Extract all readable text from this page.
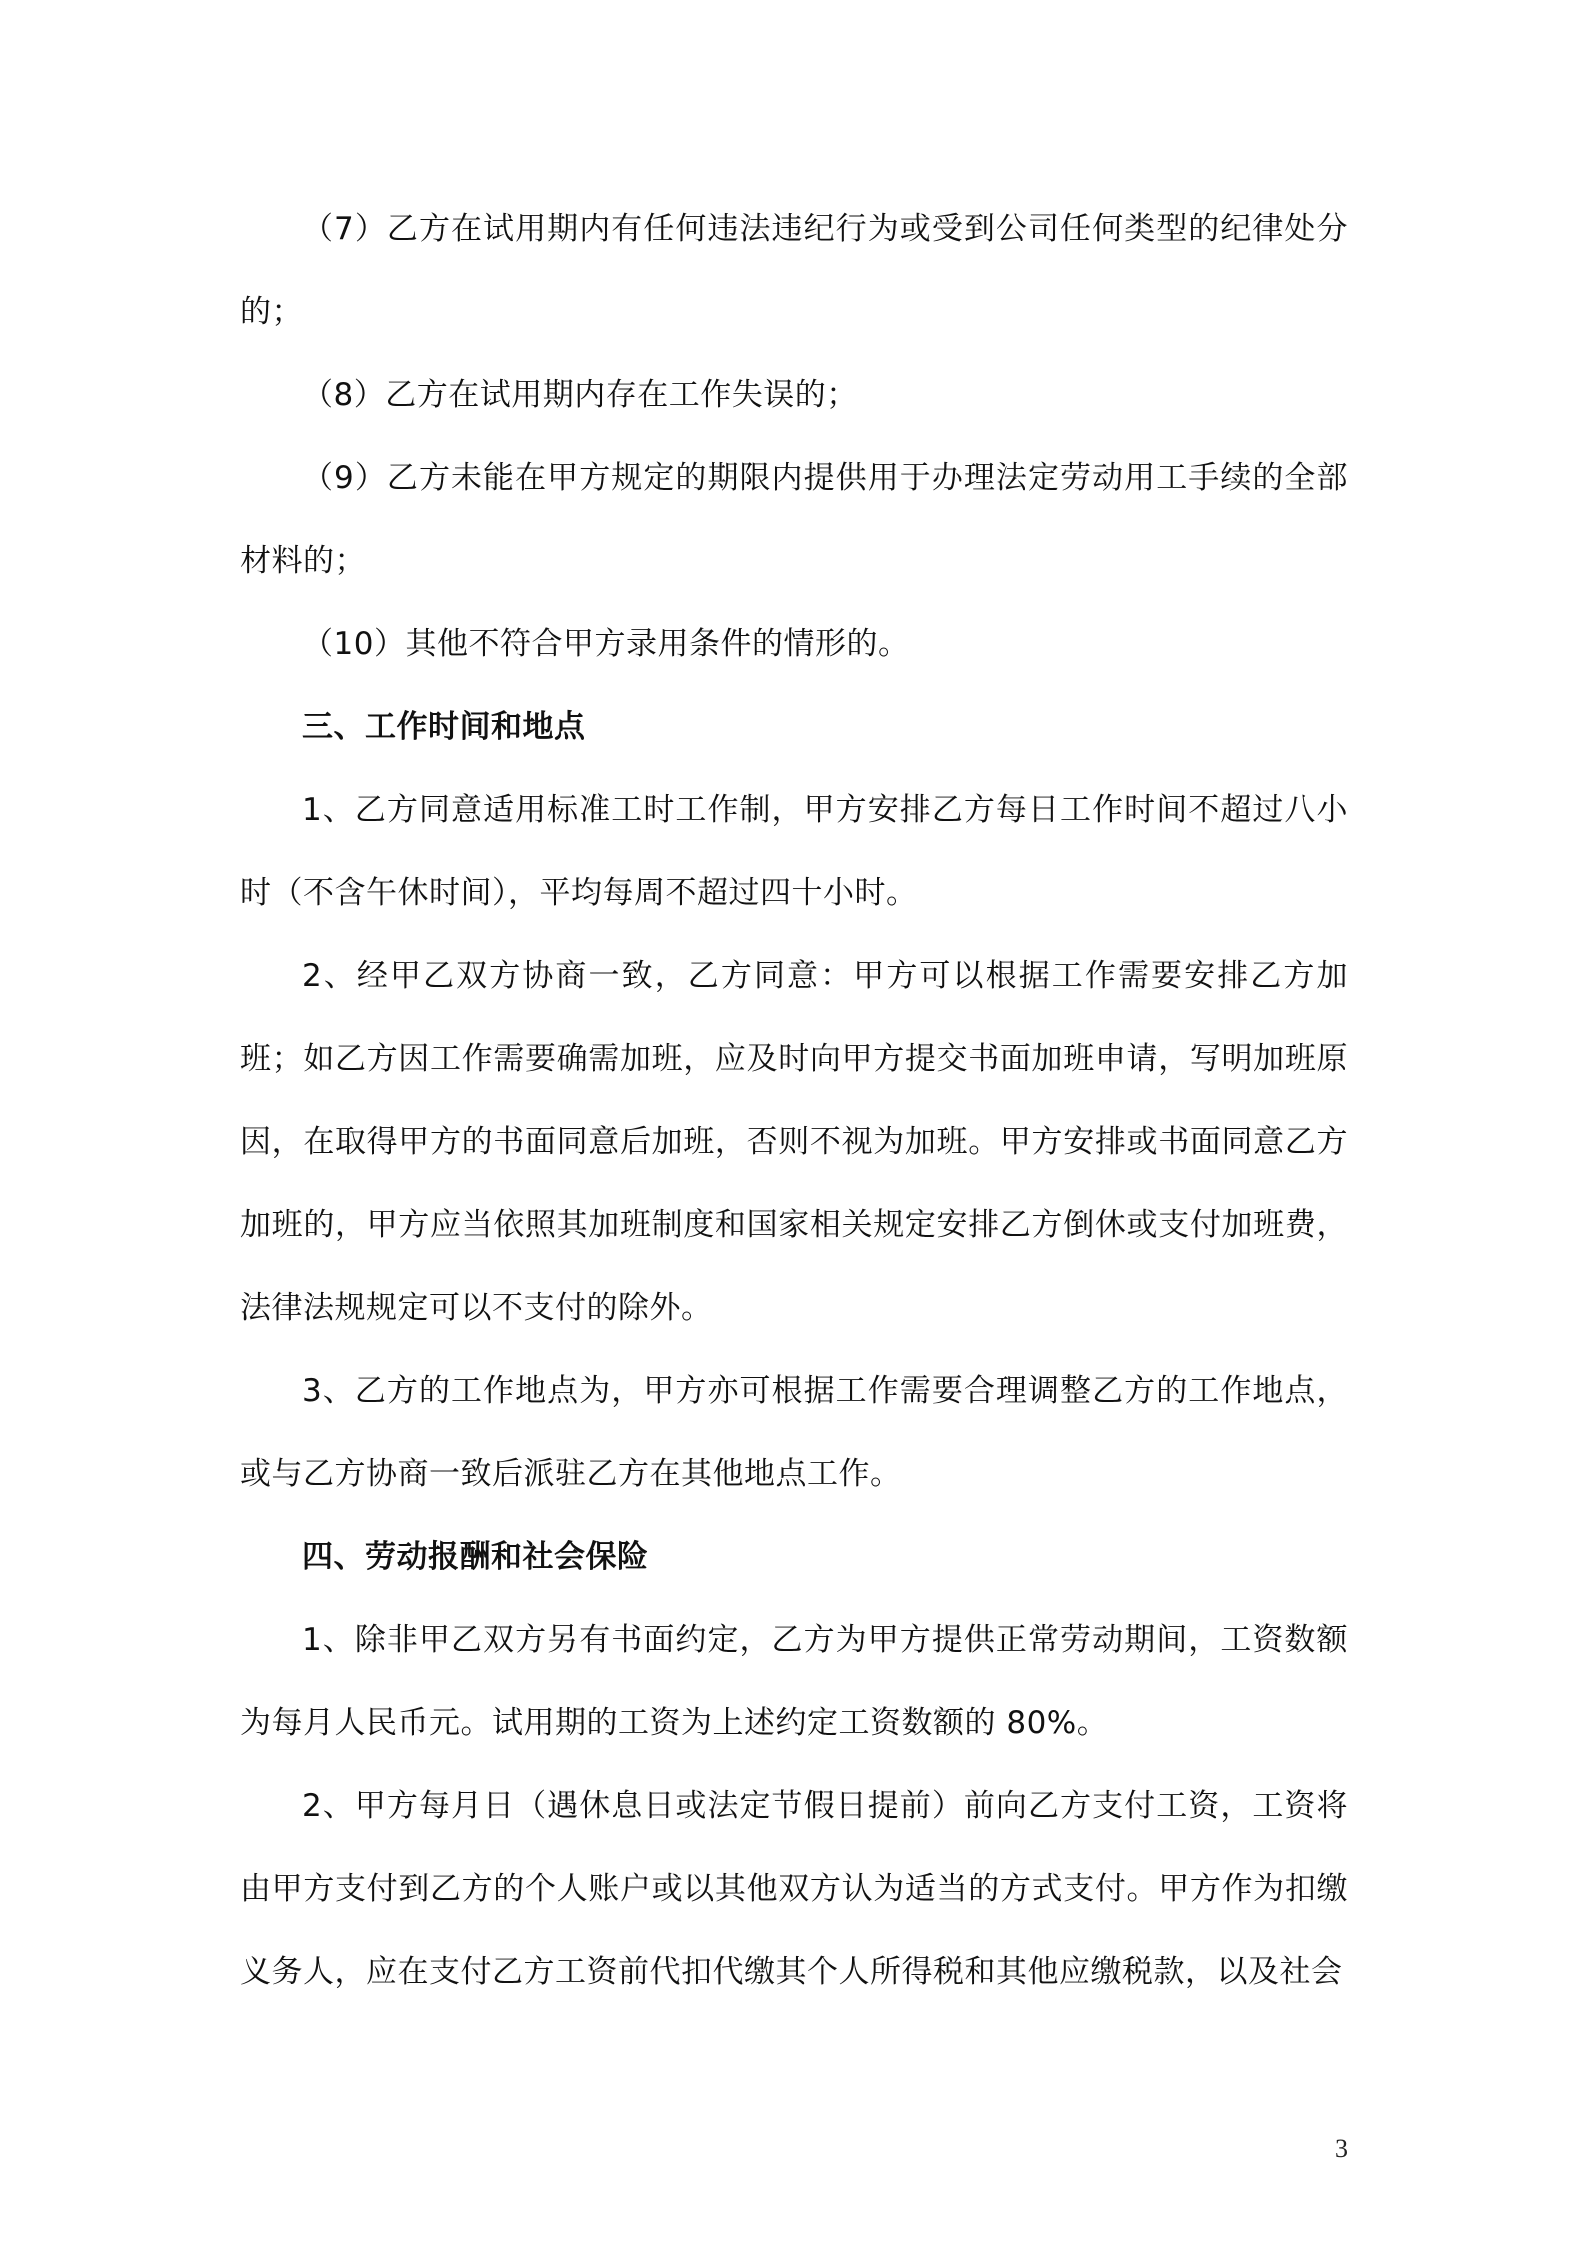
（7）乙方在试用期内有任何违法违纪行为或受到公司任何类型的纪律处分的；

（8）乙方在试用期内存在工作失误的；

（9）乙方未能在甲方规定的期限内提供用于办理法定劳动用工手续的全部材料的；

（10）其他不符合甲方录用条件的情形的。

三、工作时间和地点

1、乙方同意适用标准工时工作制，甲方安排乙方每日工作时间不超过八小时（不含午休时间），平均每周不超过四十小时。

2、经甲乙双方协商一致，乙方同意：甲方可以根据工作需要安排乙方加班；如乙方因工作需要确需加班，应及时向甲方提交书面加班申请，写明加班原因，在取得甲方的书面同意后加班，否则不视为加班。甲方安排或书面同意乙方加班的，甲方应当依照其加班制度和国家相关规定安排乙方倒休或支付加班费，法律法规规定可以不支付的除外。

3、乙方的工作地点为，甲方亦可根据工作需要合理调整乙方的工作地点，或与乙方协商一致后派驻乙方在其他地点工作。

四、劳动报酬和社会保险

1、除非甲乙双方另有书面约定，乙方为甲方提供正常劳动期间，工资数额为每月人民币元。试用期的工资为上述约定工资数额的 80%。

2、甲方每月日（遇休息日或法定节假日提前）前向乙方支付工资，工资将由甲方支付到乙方的个人账户或以其他双方认为适当的方式支付。甲方作为扣缴义务人，应在支付乙方工资前代扣代缴其个人所得税和其他应缴税款，以及社会

3
